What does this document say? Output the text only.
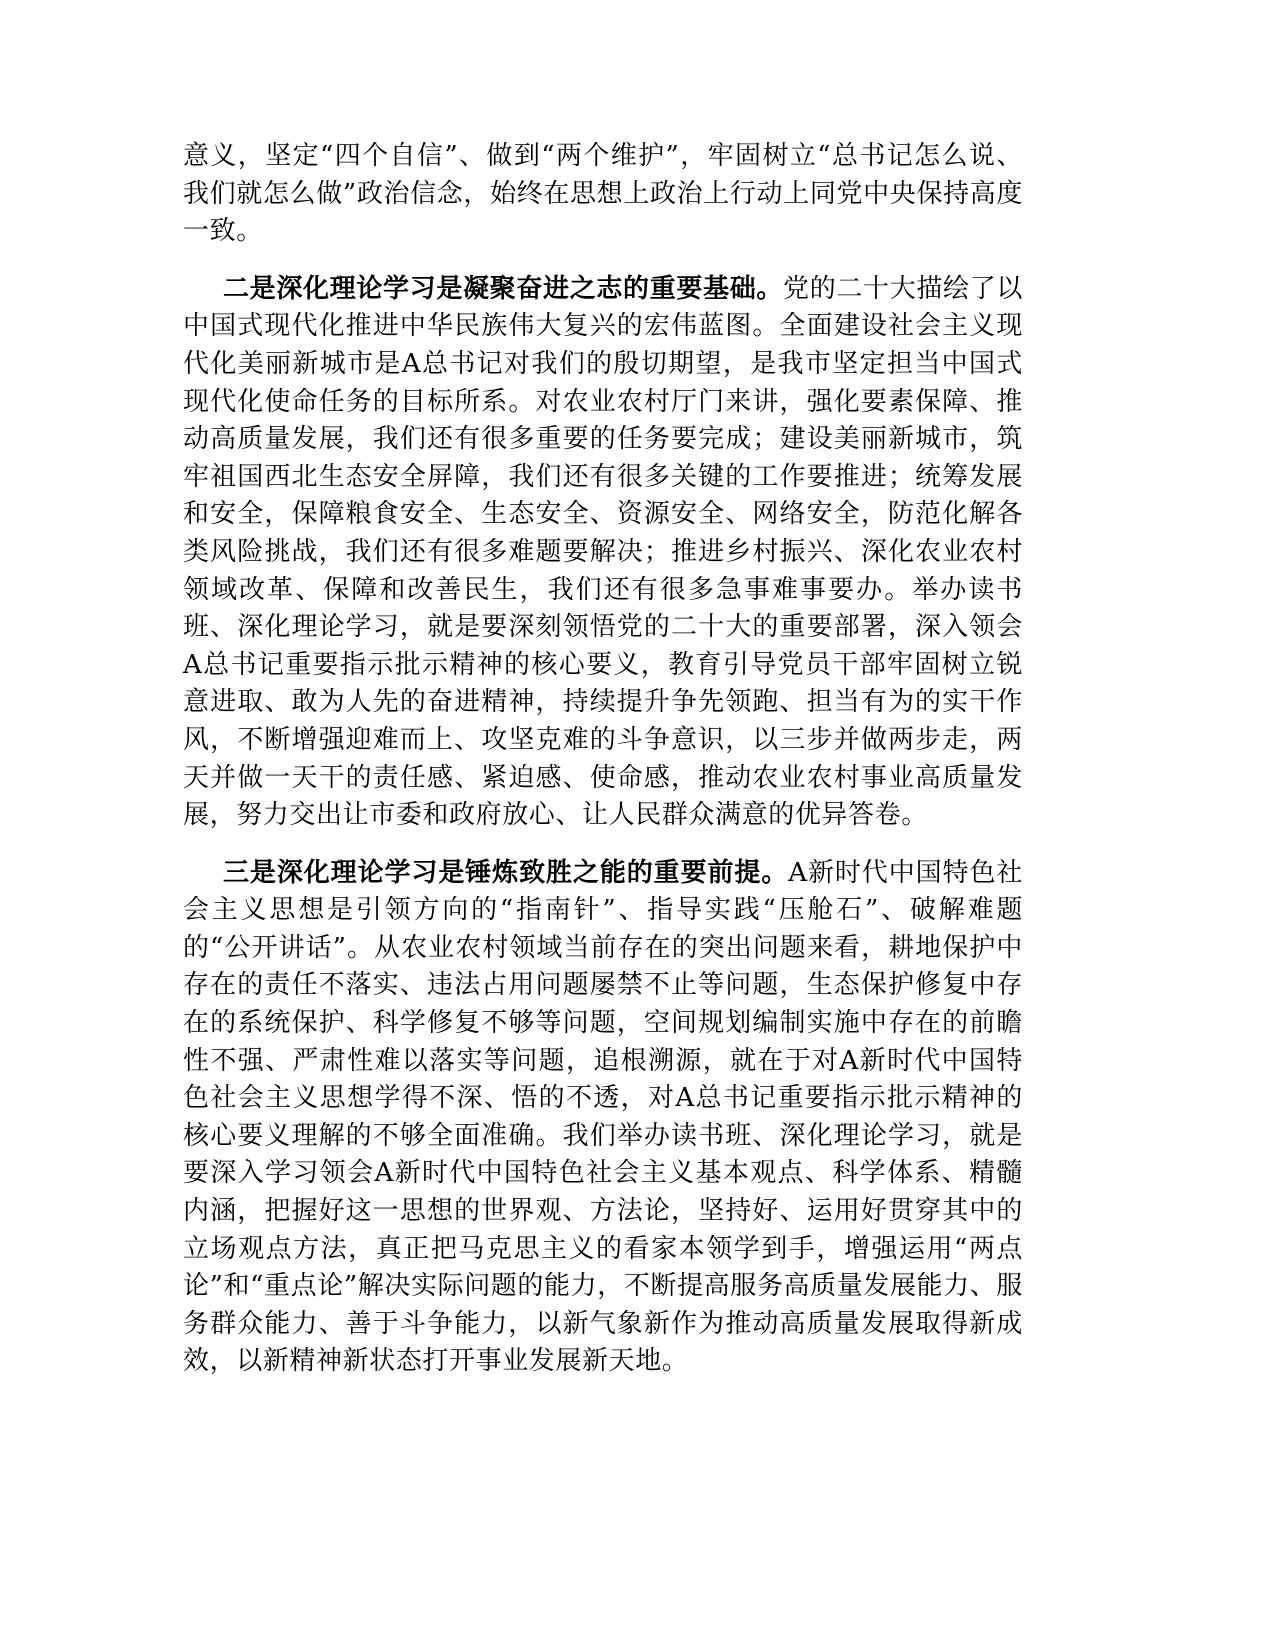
意义，坚定“四个自信”、做到“两个维护”，牢固树立“总书记怎么说、我们就怎么做”政治信念，始终在思想上政治上行动上同党中央保持高度一致。

二是深化理论学习是凝聚奋进之志的重要基础。党的二十大描绘了以中国式现代化推进中华民族伟大复兴的宏伟蓝图。全面建设社会主义现代化美丽新城市是A总书记对我们的殷切期望，是我市坚定担当中国式现代化使命任务的目标所系。对农业农村厅门来讲，强化要素保障、推动高质量发展，我们还有很多重要的任务要完成；建设美丽新城市，筑牢祖国西北生态安全屏障，我们还有很多关键的工作要推进；统筹发展和安全，保障粮食安全、生态安全、资源安全、网络安全，防范化解各类风险挑战，我们还有很多难题要解决；推进乡村振兴、深化农业农村领域改革、保障和改善民生，我们还有很多急事难事要办。举办读书班、深化理论学习，就是要深刻领悟党的二十大的重要部署，深入领会A总书记重要指示批示精神的核心要义，教育引导党员干部牢固树立锐意进取、敢为人先的奋进精神，持续提升争先领跑、担当有为的实干作风，不断增强迎难而上、攻坚克难的斗争意识，以三步并做两步走，两天并做一天干的责任感、紧迫感、使命感，推动农业农村事业高质量发展，努力交出让市委和政府放心、让人民群众满意的优异答卷。

三是深化理论学习是锤炼致胜之能的重要前提。A新时代中国特色社会主义思想是引领方向的“指南针”、指导实践“压舱石”、破解难题的“公开讲话”。从农业农村领域当前存在的突出问题来看，耕地保护中存在的责任不落实、违法占用问题屡禁不止等问题，生态保护修复中存在的系统保护、科学修复不够等问题，空间规划编制实施中存在的前瞻性不强、严肃性难以落实等问题，追根溯源，就在于对A新时代中国特色社会主义思想学得不深、悟的不透，对A总书记重要指示批示精神的核心要义理解的不够全面准确。我们举办读书班、深化理论学习，就是要深入学习领会A新时代中国特色社会主义基本观点、科学体系、精髓内涵，把握好这一思想的世界观、方法论，坚持好、运用好贯穿其中的立场观点方法，真正把马克思主义的看家本领学到手，增强运用“两点论”和“重点论”解决实际问题的能力，不断提高服务高质量发展能力、服务群众能力、善于斗争能力，以新气象新作为推动高质量发展取得新成效，以新精神新状态打开事业发展新天地。
